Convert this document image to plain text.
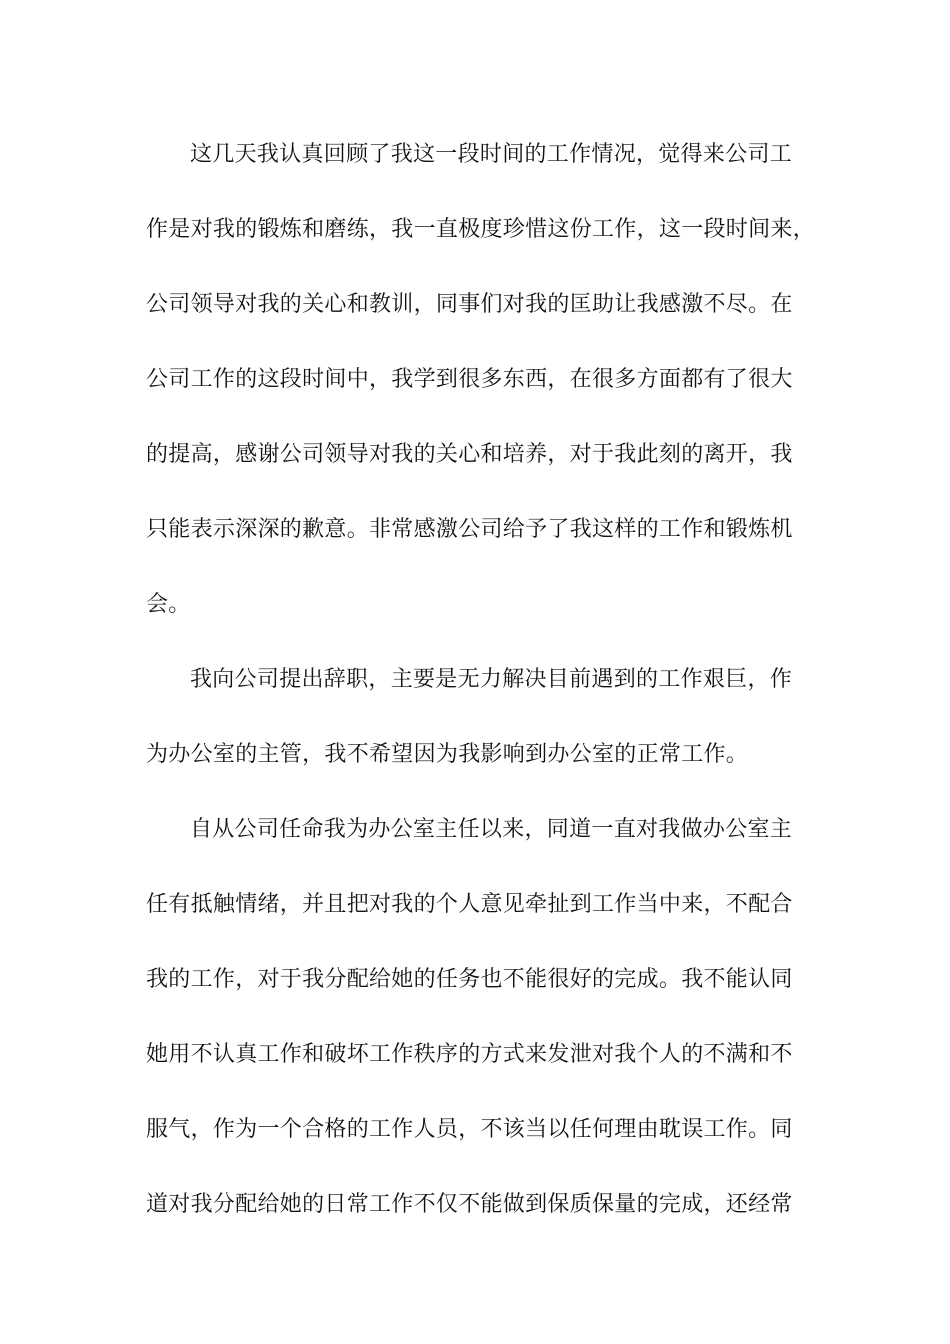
这几天我认真回顾了我这一段时间的工作情况，觉得来公司工
作是对我的锻炼和磨练，我一直极度珍惜这份工作，这一段时间来，
公司领导对我的关心和教训，同事们对我的匡助让我感激不尽。在
公司工作的这段时间中，我学到很多东西，在很多方面都有了很大
的提高，感谢公司领导对我的关心和培养，对于我此刻的离开，我
只能表示深深的歉意。非常感激公司给予了我这样的工作和锻炼机
会。
我向公司提出辞职，主要是无力解决目前遇到的工作艰巨，作
为办公室的主管，我不希望因为我影响到办公室的正常工作。
自从公司任命我为办公室主任以来，同道一直对我做办公室主
任有抵触情绪，并且把对我的个人意见牵扯到工作当中来，不配合
我的工作，对于我分配给她的任务也不能很好的完成。我不能认同
她用不认真工作和破坏工作秩序的方式来发泄对我个人的不满和不
服气，作为一个合格的工作人员，不该当以任何理由耽误工作。同
道对我分配给她的日常工作不仅不能做到保质保量的完成，还经常
